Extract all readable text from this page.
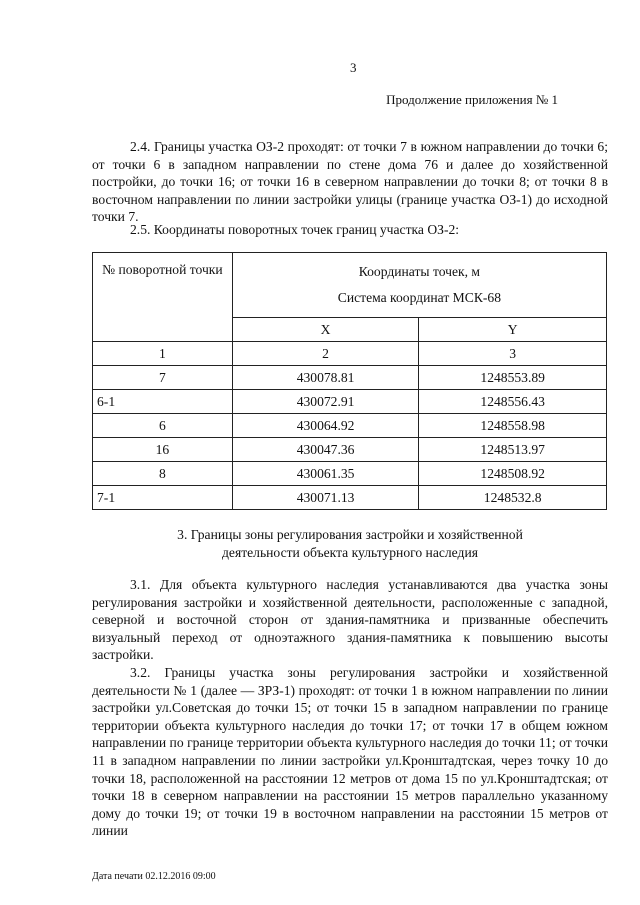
3
Продолжение приложения № 1

2.4. Границы участка ОЗ-2 проходят: от точки 7 в южном направлении до точки 6; от точки 6 в западном направлении по стене дома 76 и далее до хозяйственной постройки, до точки 16; от точки 16 в северном направлении до точки 8; от точки 8 в восточном направлении по линии застройки улицы (границе участка ОЗ-1) до исходной точки 7.

2.5. Координаты поворотных точек границ участка ОЗ-2:

№ поворотной точки	Координаты точек, м
Система координат МСК-68	

	X	Y
1	2	3
7	430078.81	1248553.89
6-1	430072.91	1248556.43
6	430064.92	1248558.98
16	430047.36	1248513.97
8	430061.35	1248508.92
7-1	430071.13	1248532.8
3. Границы зоны регулирования застройки и хозяйственной
деятельности объекта культурного наследия

3.1. Для объекта культурного наследия устанавливаются два участка зоны регулирования застройки и хозяйственной деятельности, расположенные с западной, северной и восточной сторон от здания-памятника и призванные обеспечить визуальный переход от одноэтажного здания-памятника к повышению высоты застройки.

3.2. Границы участка зоны регулирования застройки и хозяйственной деятельности № 1 (далее — ЗРЗ-1) проходят: от точки 1 в южном направлении по линии застройки ул.Советская до точки 15; от точки 15 в западном направлении по границе территории объекта культурного наследия до точки 17; от точки 17 в общем южном направлении по границе территории объекта культурного наследия до точки 11; от точки 11 в западном направлении по линии застройки ул.Кронштадтская, через точку 10 до точки 18, расположенной на расстоянии 12 метров от дома 15 по ул.Кронштадтская; от точки 18 в северном направлении на расстоянии 15 метров параллельно указанному дому до точки 19; от точки 19 в восточном направлении на расстоянии 15 метров от линии

Дата печати 02.12.2016 09:00
